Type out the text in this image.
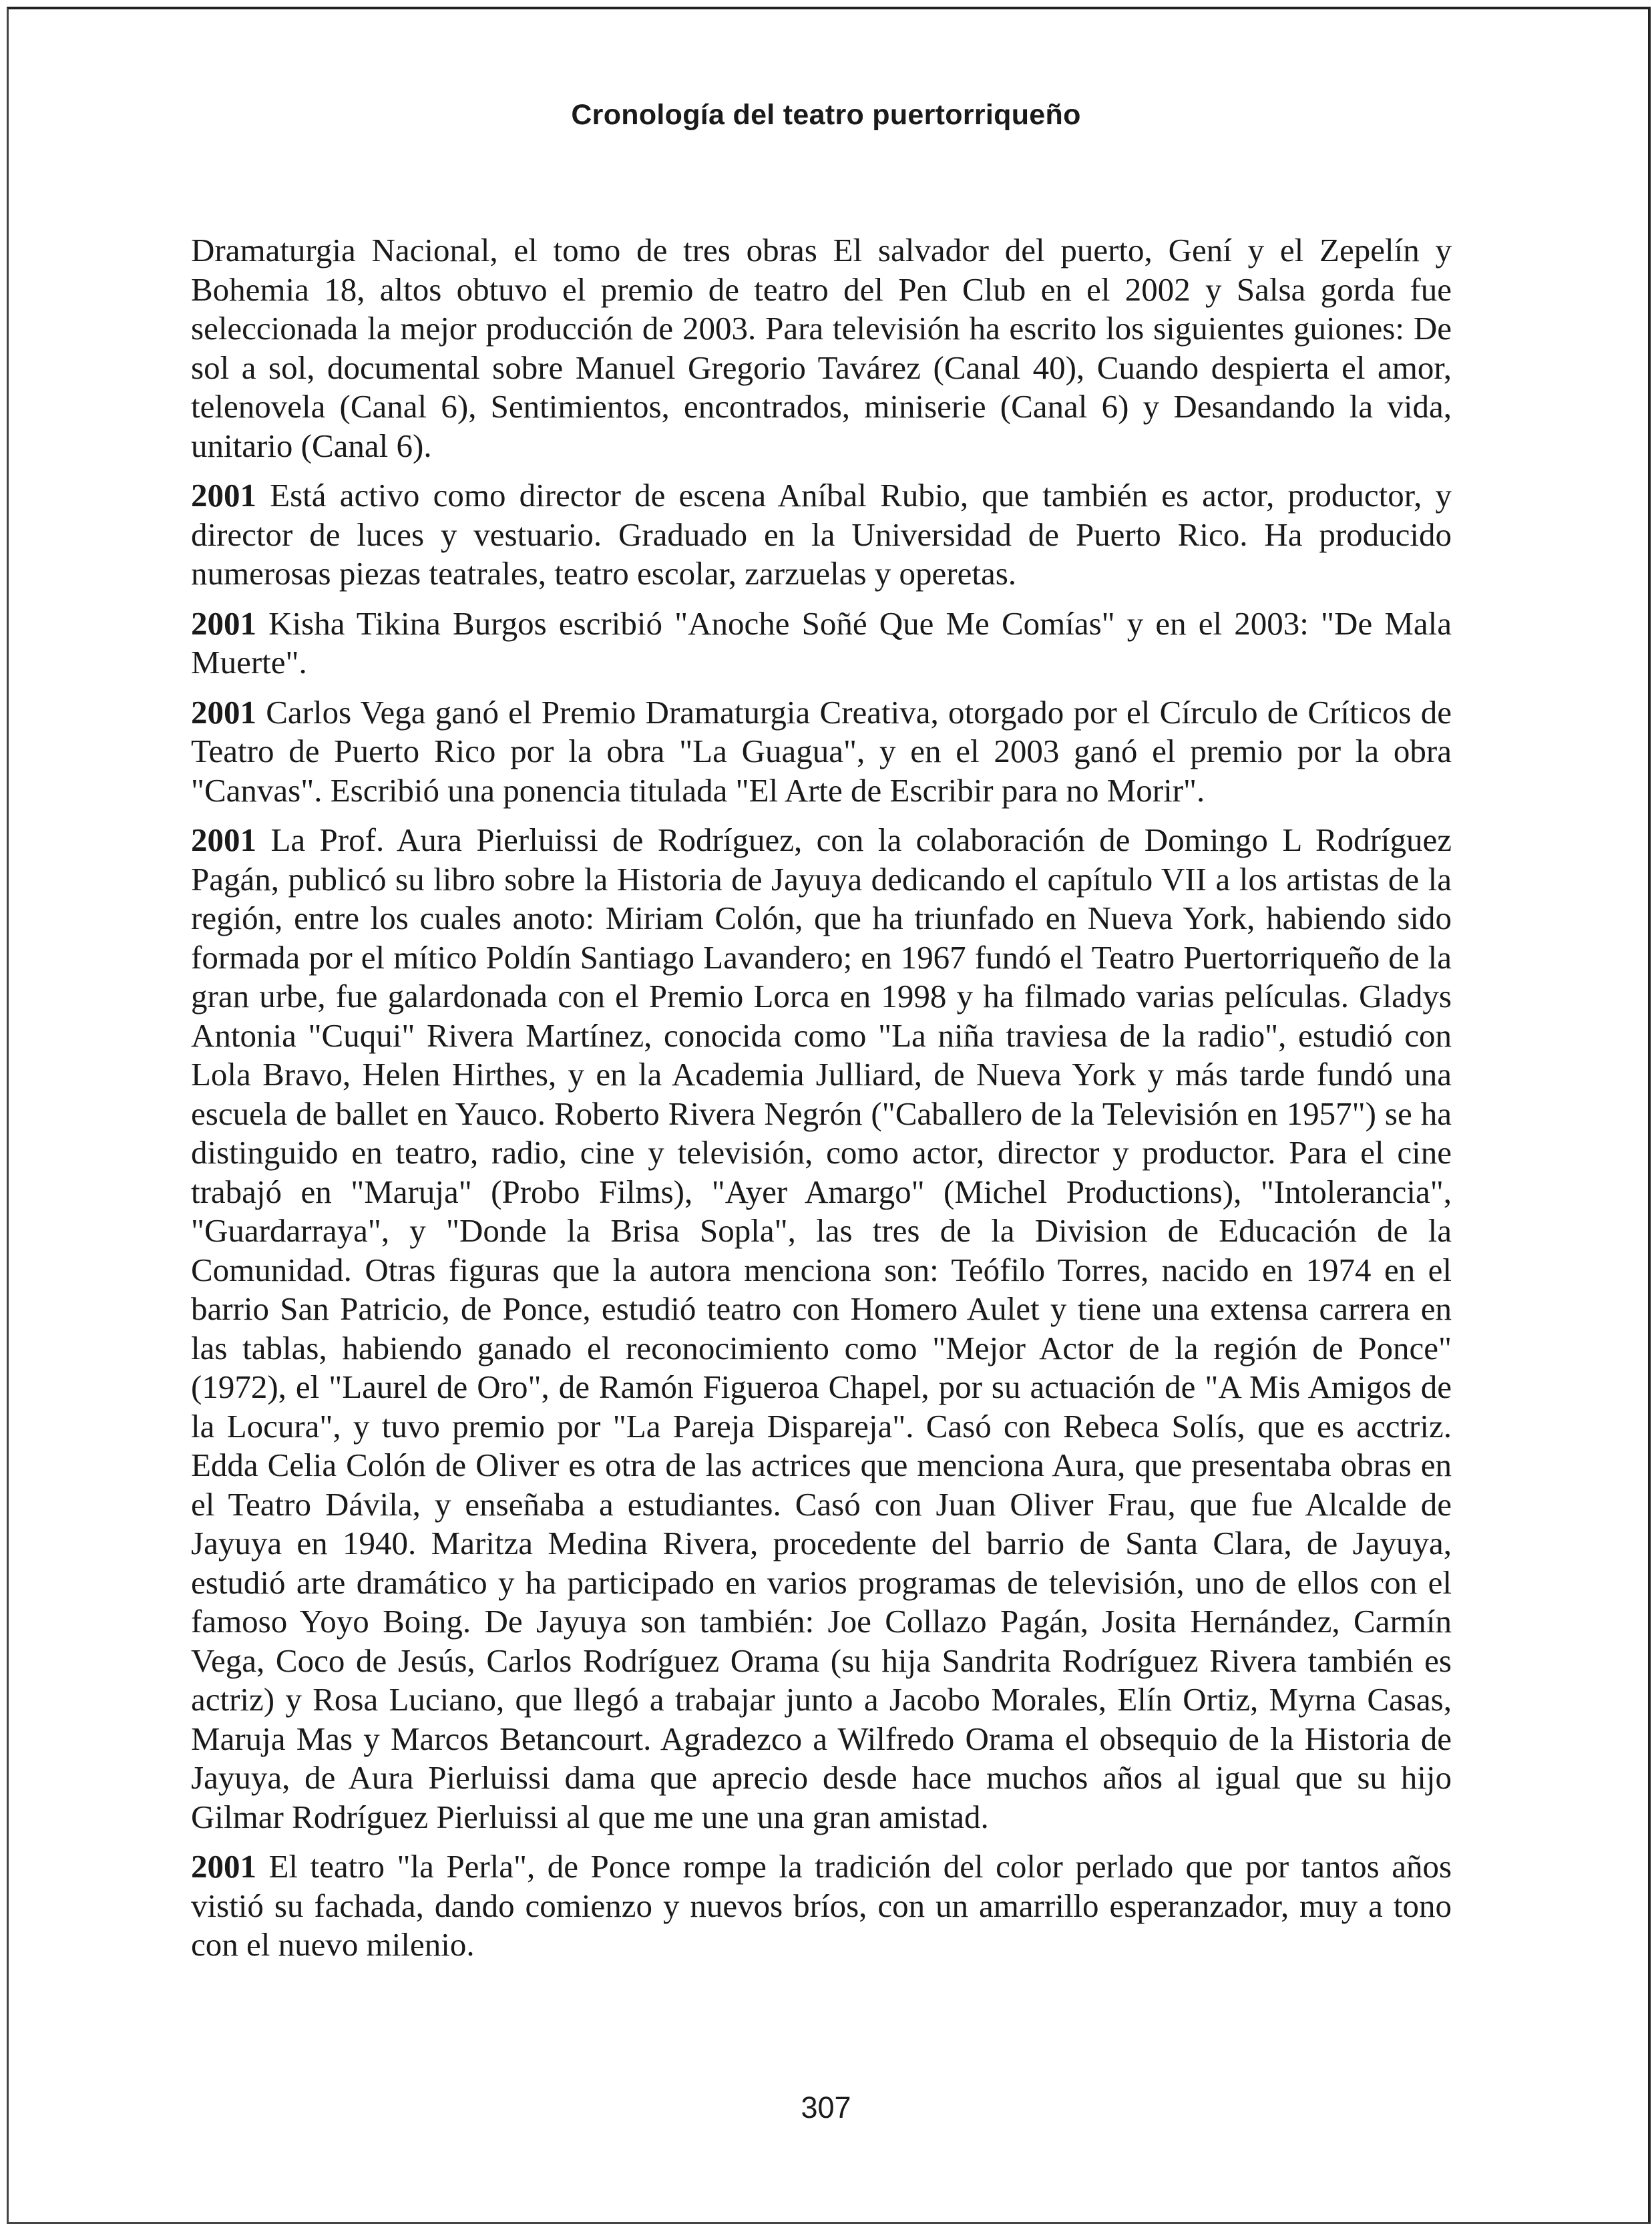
Cronología del teatro puertorriqueño

Dramaturgia Nacional, el tomo de tres obras El salvador del puerto, Gení y el Zepelín y Bohemia 18, altos obtuvo el premio de teatro del Pen Club en el 2002 y Salsa gorda fue seleccionada la mejor producción de 2003. Para televisión ha escrito los siguientes guiones: De sol a sol, documental sobre Manuel Gregorio Tavárez (Canal 40), Cuando despierta el amor, telenovela (Canal 6), Sentimientos, encontrados, miniserie (Canal 6) y Desandando la vida, unitario (Canal 6).

2001 Está activo como director de escena Aníbal Rubio, que también es actor, productor, y director de luces y vestuario. Graduado en la Universidad de Puerto Rico. Ha producido numerosas piezas teatrales, teatro escolar, zarzuelas y operetas.

2001 Kisha Tikina Burgos escribió "Anoche Soñé Que Me Comías" y en el 2003: "De Mala Muerte".

2001 Carlos Vega ganó el Premio Dramaturgia Creativa, otorgado por el Círculo de Críticos de Teatro de Puerto Rico por la obra "La Guagua", y en el 2003 ganó el premio por la obra "Canvas". Escribió una ponencia titulada "El Arte de Escribir para no Morir".

2001 La Prof. Aura Pierluissi de Rodríguez, con la colaboración de Domingo L Rodríguez Pagán, publicó su libro sobre la Historia de Jayuya dedicando el capítulo VII a los artistas de la región, entre los cuales anoto: Miriam Colón, que ha triunfado en Nueva York, habiendo sido formada por el mítico Poldín Santiago Lavandero; en 1967 fundó el Teatro Puertorriqueño de la gran urbe, fue galardonada con el Premio Lorca en 1998 y ha filmado varias películas. Gladys Antonia "Cuqui" Rivera Martínez, conocida como "La niña traviesa de la radio", estudió con Lola Bravo, Helen Hirthes, y en la Academia Julliard, de Nueva York y más tarde fundó una escuela de ballet en Yauco. Roberto Rivera Negrón ("Caballero de la Televisión en 1957") se ha distinguido en teatro, radio, cine y televisión, como actor, director y productor. Para el cine trabajó en "Maruja" (Probo Films), "Ayer Amargo" (Michel Productions), "Intolerancia", "Guardarraya", y "Donde la Brisa Sopla", las tres de la Division de Educación de la Comunidad. Otras figuras que la autora menciona son: Teófilo Torres, nacido en 1974 en el barrio San Patricio, de Ponce, estudió teatro con Homero Aulet y tiene una extensa carrera en las tablas, habiendo ganado el reconocimiento como "Mejor Actor de la región de Ponce" (1972), el "Laurel de Oro", de Ramón Figueroa Chapel, por su actuación de "A Mis Amigos de la Locura", y tuvo premio por "La Pareja Dispareja". Casó con Rebeca Solís, que es acctriz. Edda Celia Colón de Oliver es otra de las actrices que menciona Aura, que presentaba obras en el Teatro Dávila, y enseñaba a estudiantes. Casó con Juan Oliver Frau, que fue Alcalde de Jayuya en 1940. Maritza Medina Rivera, procedente del barrio de Santa Clara, de Jayuya, estudió arte dramático y ha participado en varios programas de televisión, uno de ellos con el famoso Yoyo Boing. De Jayuya son también: Joe Collazo Pagán, Josita Hernández, Carmín Vega, Coco de Jesús, Carlos Rodríguez Orama (su hija Sandrita Rodríguez Rivera también es actriz) y Rosa Luciano, que llegó a trabajar junto a Jacobo Morales, Elín Ortiz, Myrna Casas, Maruja Mas y Marcos Betancourt. Agradezco a Wilfredo Orama el obsequio de la Historia de Jayuya, de Aura Pierluissi dama que aprecio desde hace muchos años al igual que su hijo Gilmar Rodríguez Pierluissi al que me une una gran amistad.

2001 El teatro "la Perla", de Ponce rompe la tradición del color perlado que por tantos años vistió su fachada, dando comienzo y nuevos bríos, con un amarrillo esperanzador, muy a tono con el nuevo milenio.

307
